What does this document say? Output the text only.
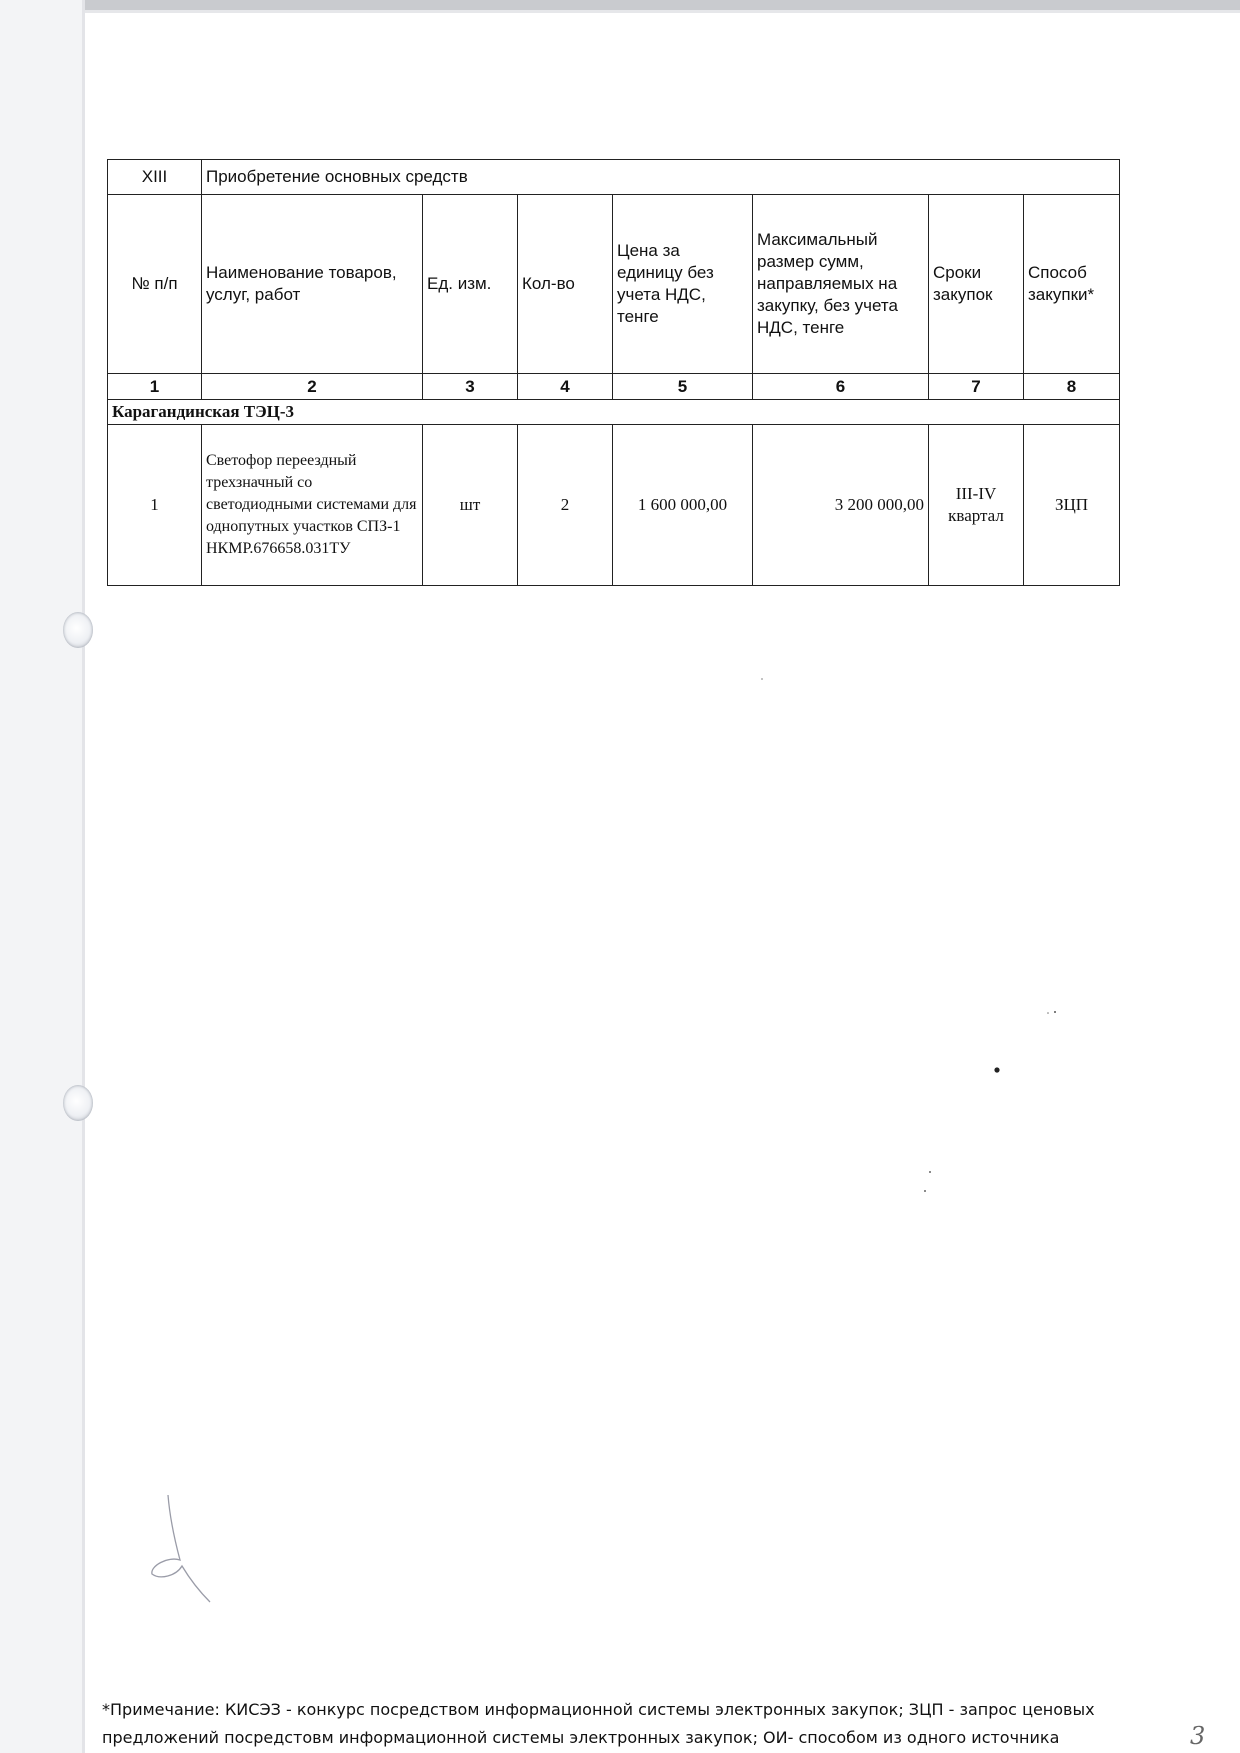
XIII	Приобретение основных средств						
№ п/п	Наименование товаров, услуг, работ	Ед. изм.	Кол-во	Цена за единицу без учета НДС, тенге	Максимальный размер сумм, направляемых на закупку, без учета НДС, тенге	Сроки закупок	Способ закупки*
1	2	3	4	5	6	7	8
Карагандинская ТЭЦ-3							
1	Светофор переездный трехзначный со светодиодными системами для однопутных участков СПЗ-1 НКМР.676658.031ТУ	шт	2	1 600 000,00	3 200 000,00	III-IV квартал	ЗЦП
*Примечание: КИСЭЗ - конкурс посредством информационной системы электронных закупок; ЗЦП - запрос ценовых предложений посредстовм информационной системы электронных закупок; ОИ- способом из одного источника	3
